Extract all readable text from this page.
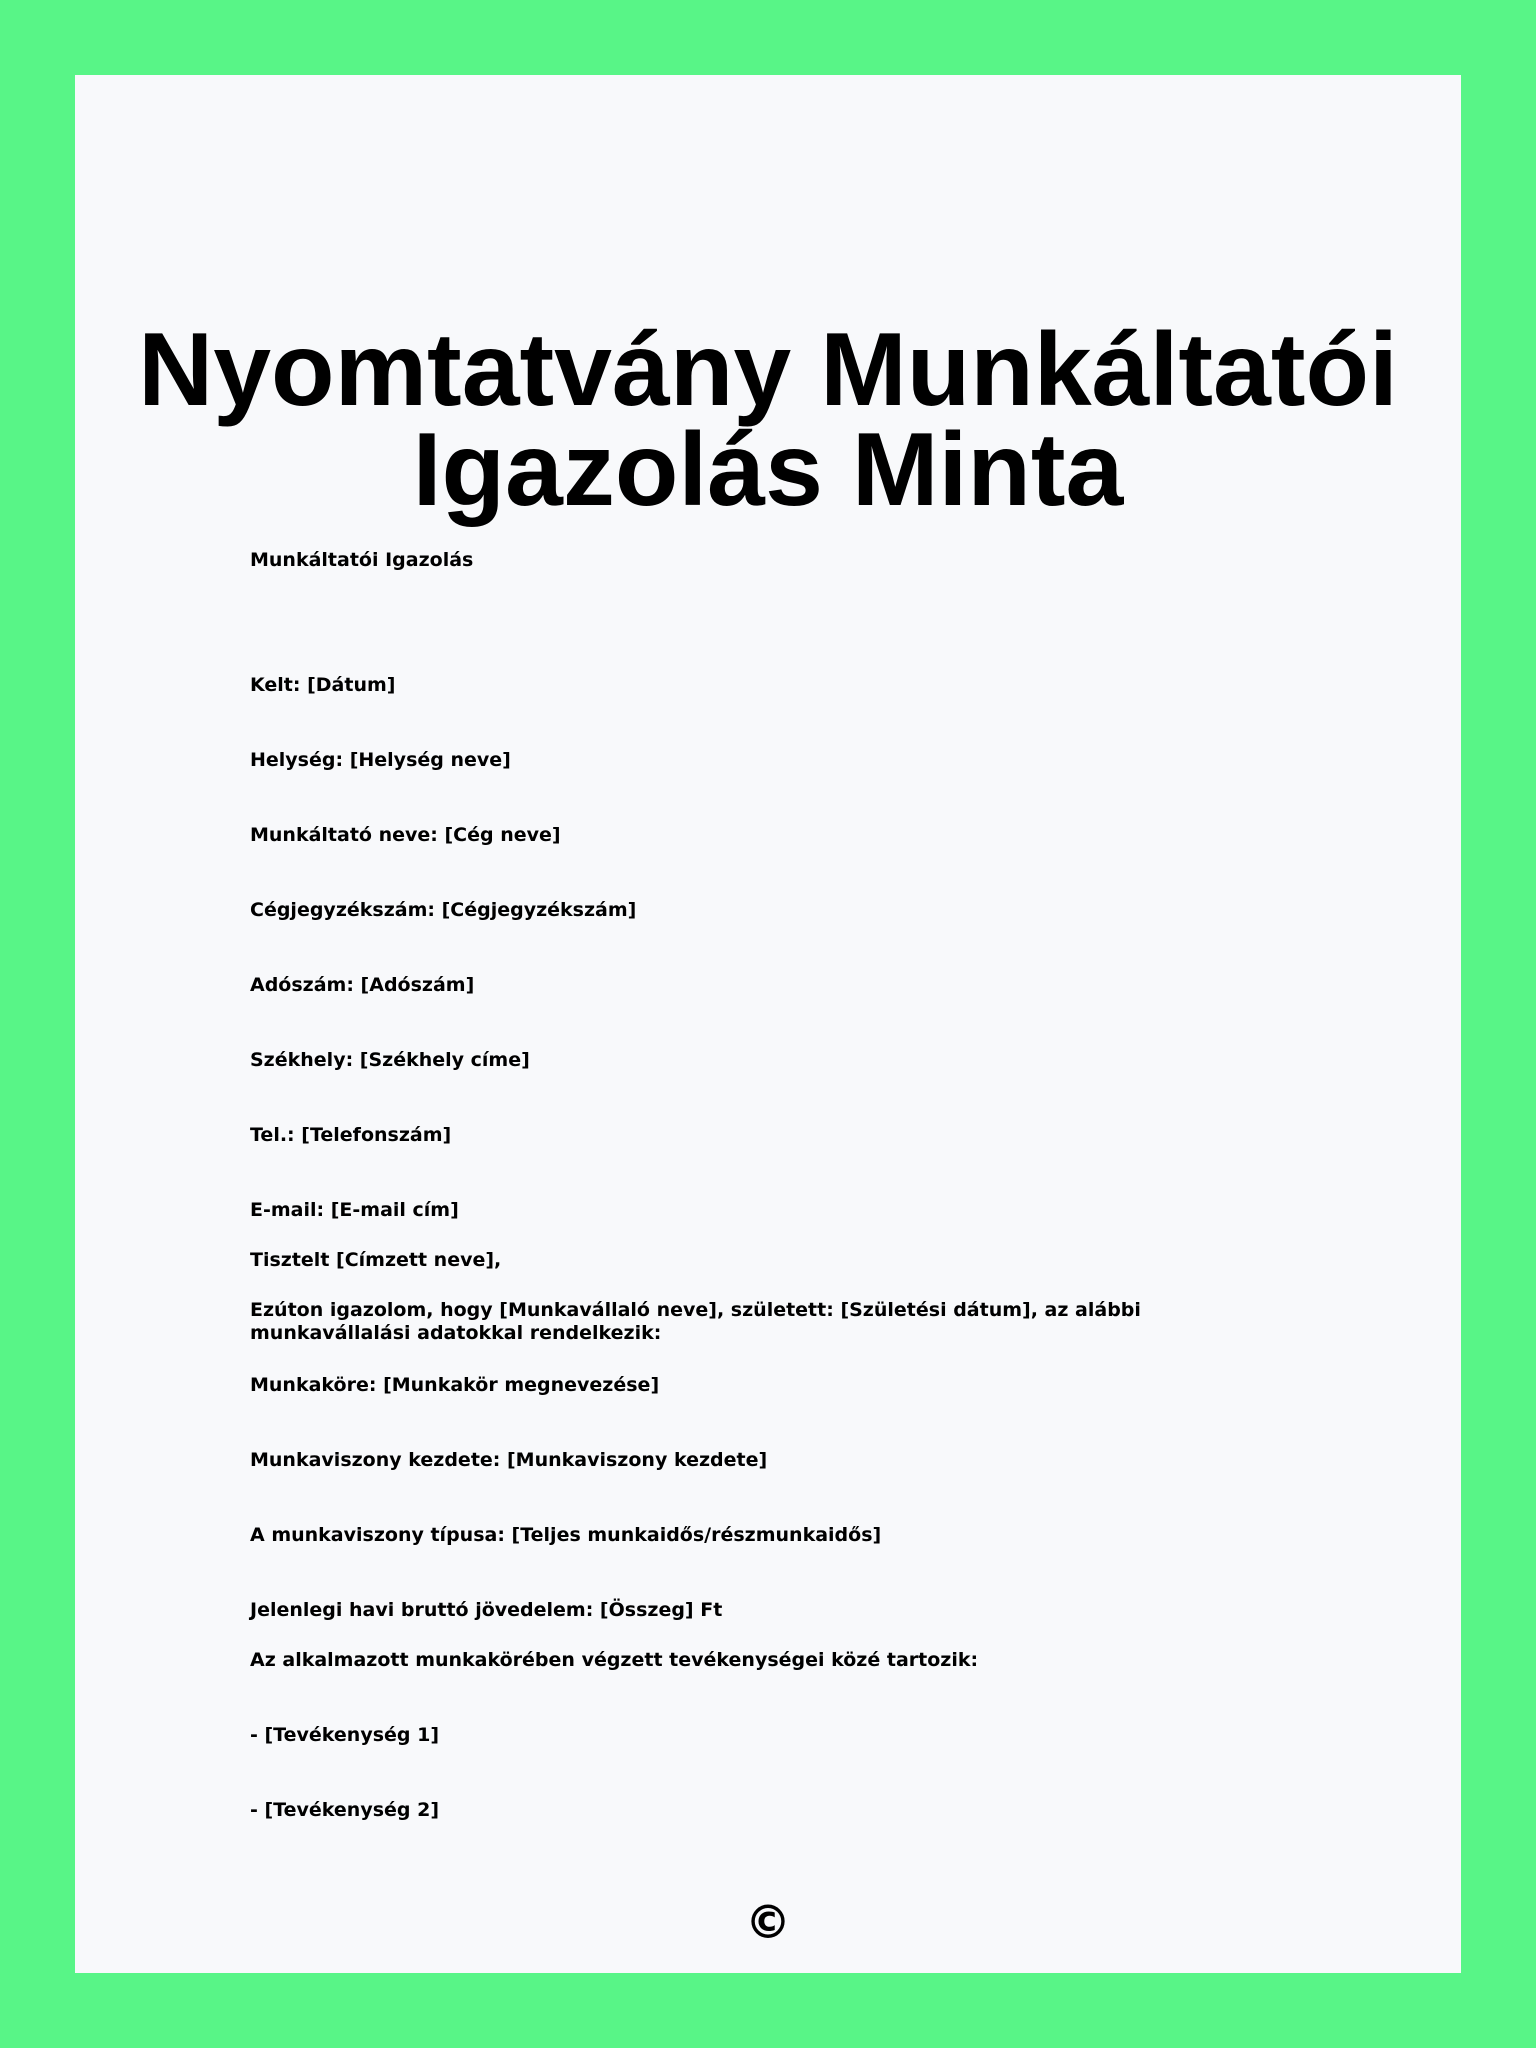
Nyomtatvány Munkáltatói
Igazolás Minta
Munkáltatói Igazolás
Kelt: [Dátum]
Helység: [Helység neve]
Munkáltató neve: [Cég neve]
Cégjegyzékszám: [Cégjegyzékszám]
Adószám: [Adószám]
Székhely: [Székhely címe]
Tel.: [Telefonszám]
E-mail: [E-mail cím]
Tisztelt [Címzett neve],
Ezúton igazolom, hogy [Munkavállaló neve], született: [Születési dátum], az alábbi munkavállalási adatokkal rendelkezik:
Munkaköre: [Munkakör megnevezése]
Munkaviszony kezdete: [Munkaviszony kezdete]
A munkaviszony típusa: [Teljes munkaidős/részmunkaidős]
Jelenlegi havi bruttó jövedelem: [Összeg] Ft
Az alkalmazott munkakörében végzett tevékenységei közé tartozik:
- [Tevékenység 1]
- [Tevékenység 2]
©
